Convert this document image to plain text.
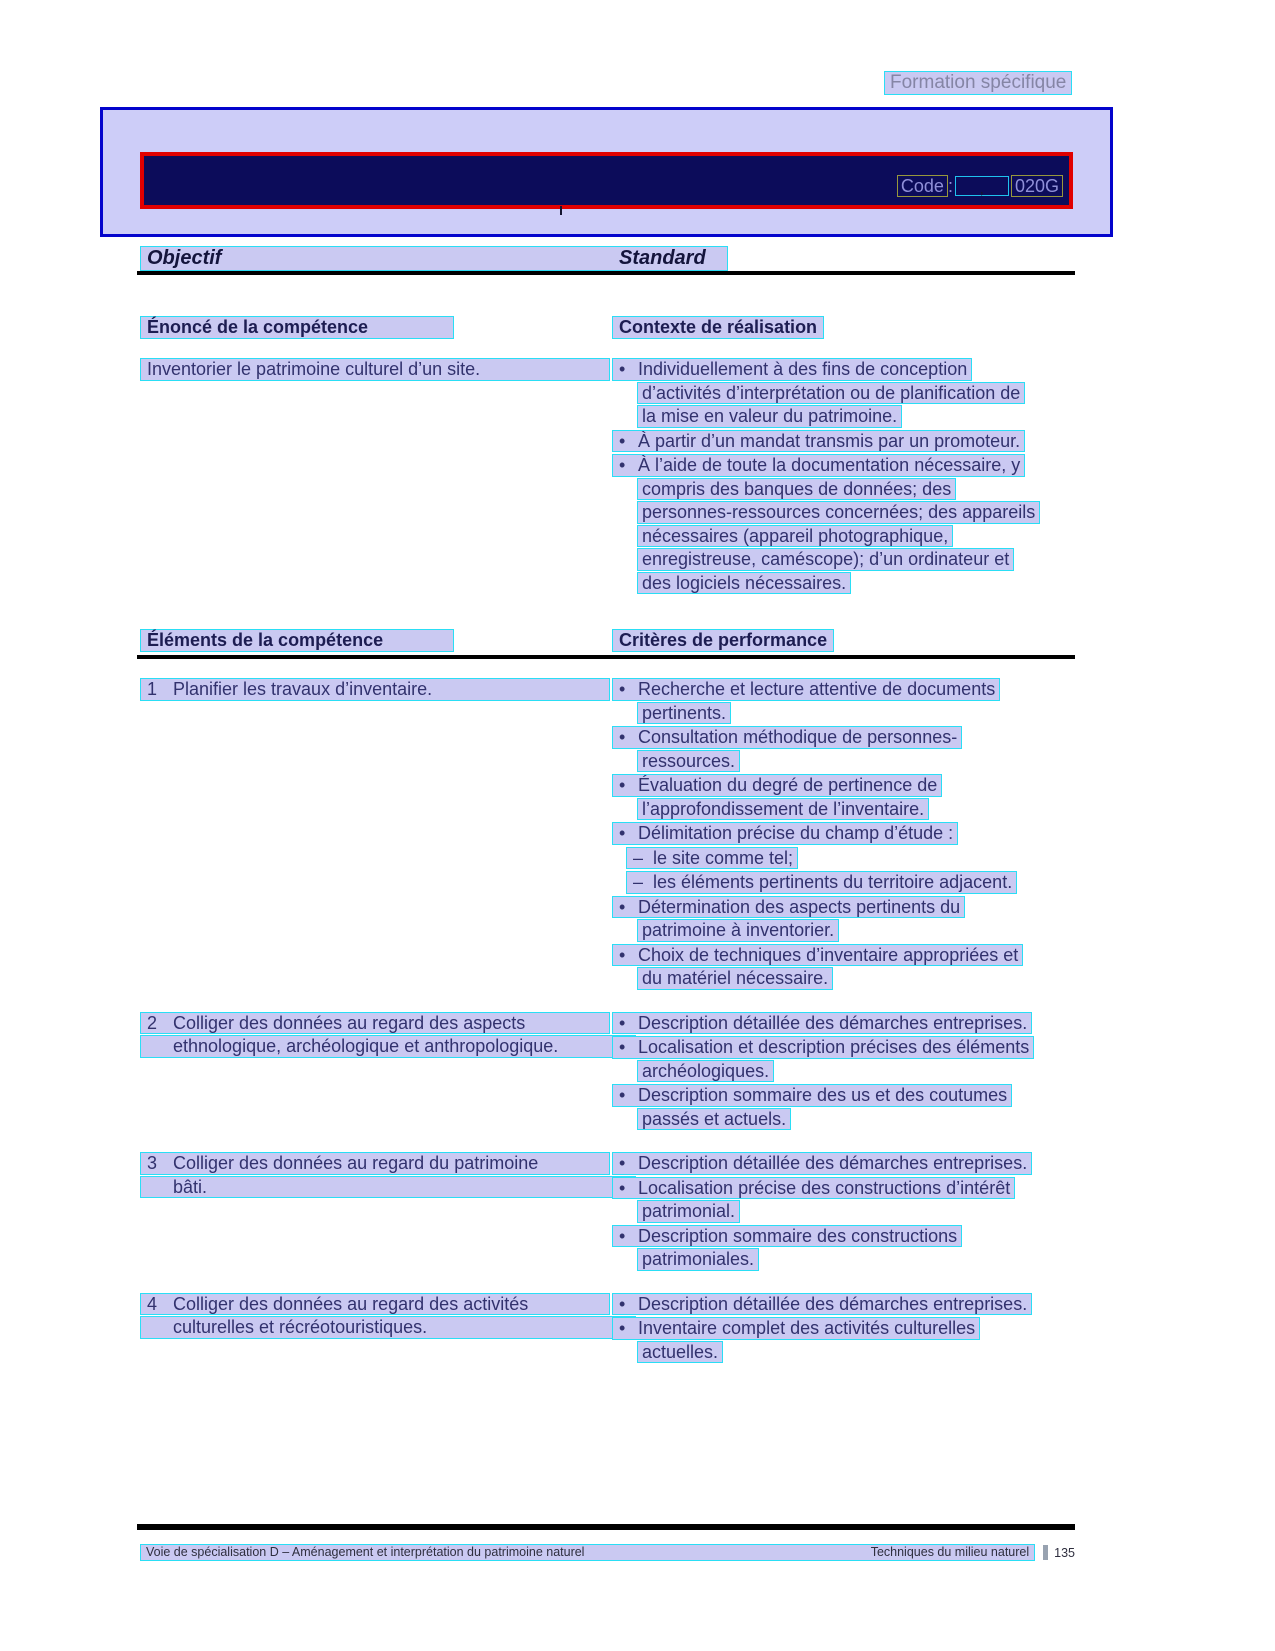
Formation spécifique
Code :	020G
’
Objectif	Standard
Énoncé de la compétence	Contexte de réalisation
Inventorier le patrimoine culturel d’un site.	• Individuellement à des fins de conception
d’activités d’interprétation ou de planification de
la mise en valeur du patrimoine.
• À partir d’un mandat transmis par un promoteur.
• À l’aide de toute la documentation nécessaire, y
compris des banques de données; des
personnes-ressources concernées; des appareils
nécessaires (appareil photographique,
enregistreuse, caméscope); d’un ordinateur et
des logiciels nécessaires.
Éléments de la compétence	Critères de performance
1 Planifier les travaux d’inventaire.	• Recherche et lecture attentive de documents
pertinents.
• Consultation méthodique de personnes-
ressources.
• Évaluation du degré de pertinence de
l’approfondissement de l’inventaire.
• Délimitation précise du champ d’étude :
– le site comme tel;
– les éléments pertinents du territoire adjacent.
• Détermination des aspects pertinents du
patrimoine à inventorier.
• Choix de techniques d’inventaire appropriées et
du matériel nécessaire.
2 Colliger des données au regard des aspects
ethnologique, archéologique et anthropologique.
• Description détaillée des démarches entreprises.
• Localisation et description précises des éléments
archéologiques.
• Description sommaire des us et des coutumes
passés et actuels.
3 Colliger des données au regard du patrimoine
bâti.
• Description détaillée des démarches entreprises.
• Localisation précise des constructions d’intérêt
patrimonial.
• Description sommaire des constructions
patrimoniales.
4 Colliger des données au regard des activités
culturelles et récréotouristiques.
• Description détaillée des démarches entreprises.
• Inventaire complet des activités culturelles
actuelles.
Voie de spécialisation D – Aménagement et interprétation du patrimoine naturel	Techniques du milieu naturel 135
